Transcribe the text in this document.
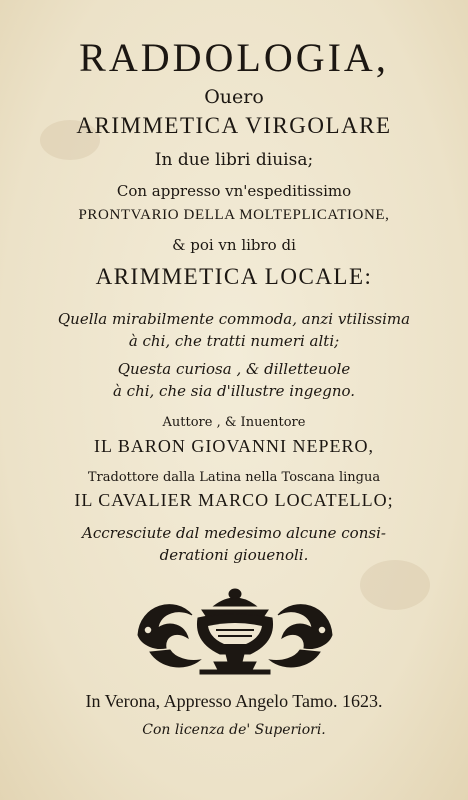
RADDOLOGIA,
Ouero
ARIMMETICA VIRGOLARE
In due libri diuisa;
Con appresso vn'espeditissimo
PRONTVARIO DELLA MOLTEPLICATIONE,
& poi vn libro di
ARIMMETICA LOCALE:
Quella mirabilmente commoda, anzi vtilissima
à chi, che tratti numeri alti;
Questa curiosa , & dilletteuole
à chi, che sia d'illustre ingegno.
Auttore , & Inuentore
IL BARON GIOVANNI NEPERO,
Tradottore dalla Latina nella Toscana lingua
IL CAVALIER MARCO LOCATELLO;
Accresciute dal medesimo alcune consi-
derationi giouenoli.
In Verona, Appresso Angelo Tamo. 1623.
Con licenza de' Superiori.
